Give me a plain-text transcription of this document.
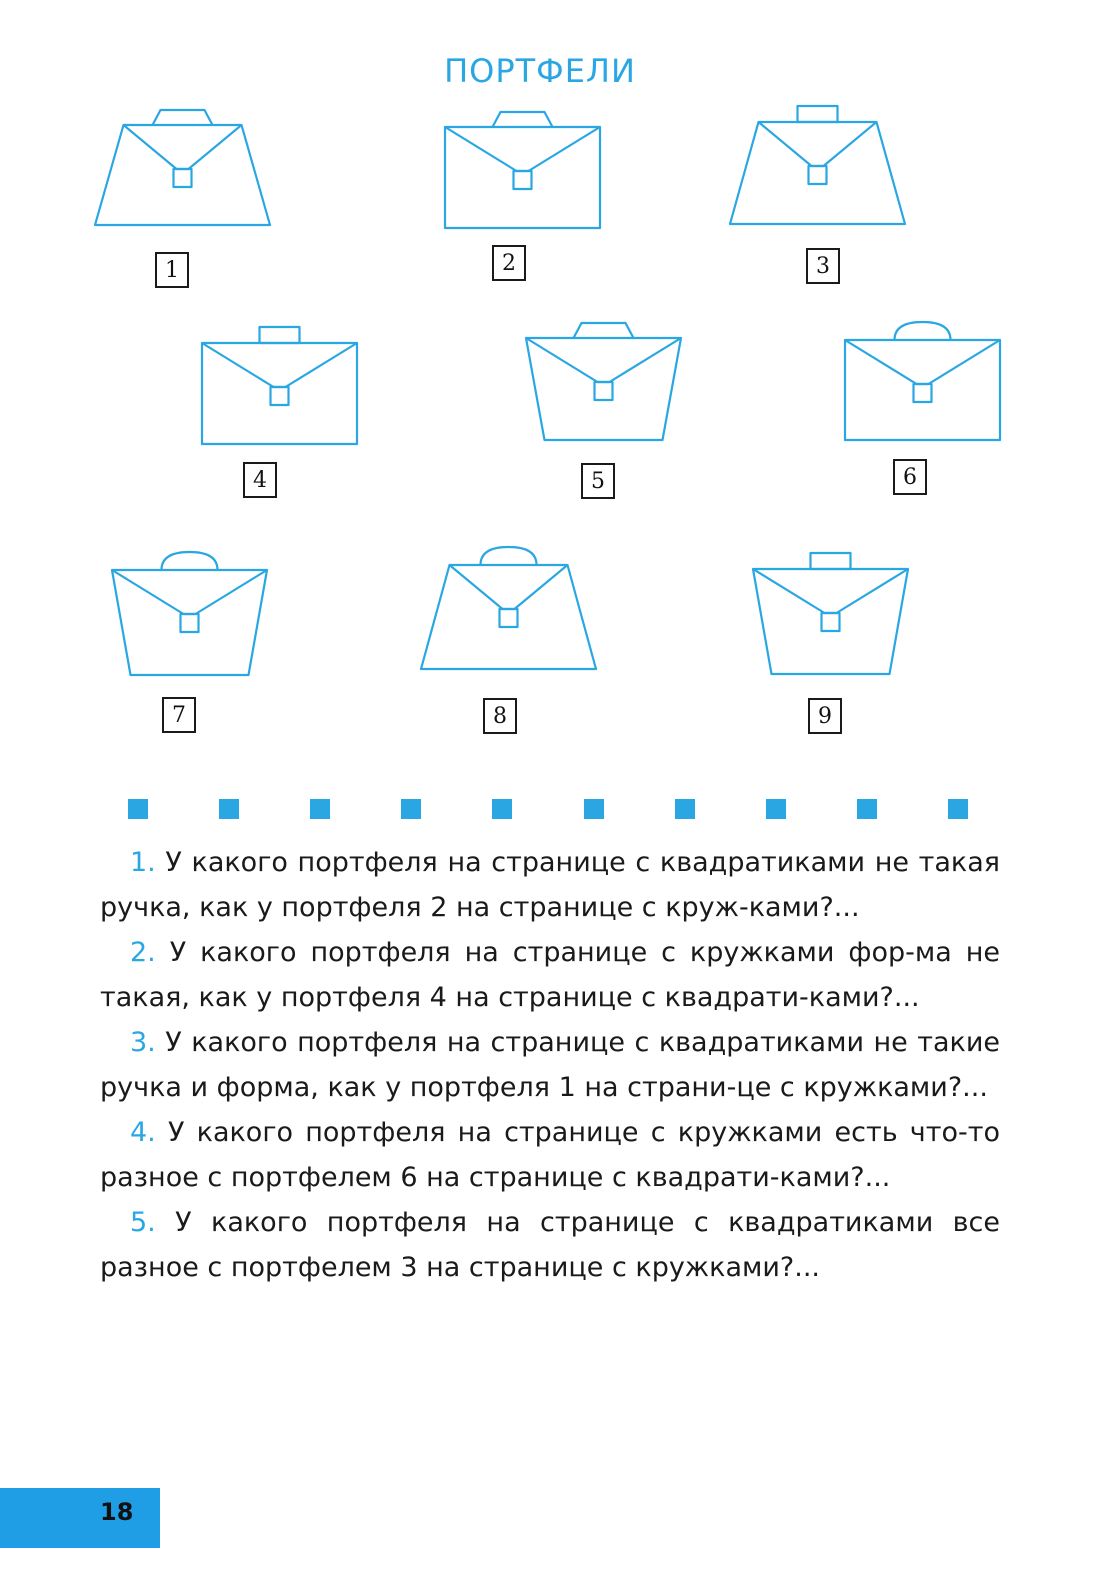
ПОРТФЕЛИ
1	2	3
4	5	6
7	8	9

1. У какого портфеля на странице с квадратиками не такая ручка, как у портфеля 2 на странице с круж-ками?...

2. У какого портфеля на странице с кружками фор-ма не такая, как у портфеля 4 на странице с квадрати-ками?...

3. У какого портфеля на странице с квадратиками не такие ручка и форма, как у портфеля 1 на страни-це с кружками?...

4. У какого портфеля на странице с кружками есть что-то разное с портфелем 6 на странице с квадрати-ками?...

5. У какого портфеля на странице с квадратиками все разное с портфелем 3 на странице с кружками?...

18
